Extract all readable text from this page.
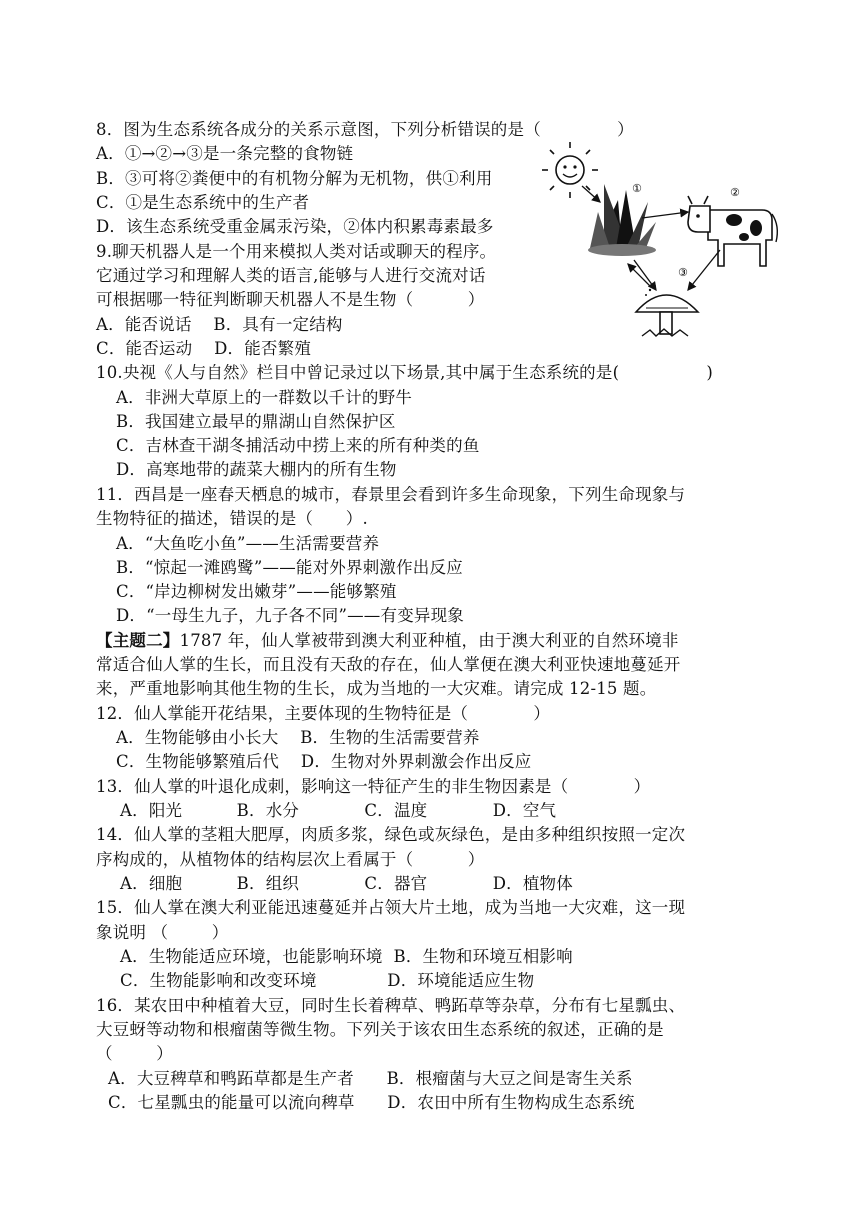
8．图为生态系统各成分的关系示意图，下列分析错误的是（              ）
A．①→②→③是一条完整的食物链
B．③可将②粪便中的有机物分解为无机物，供①利用
C．①是生态系统中的生产者
D．该生态系统受重金属汞污染，②体内积累毒素最多
9.聊天机器人是一个用来模拟人类对话或聊天的程序。
它通过学习和理解人类的语言,能够与人进行交流对话
可根据哪一特征判断聊天机器人不是生物（          ）
A．能否说话    B．具有一定结构
C．能否运动    D．能否繁殖
10.央视《人与自然》栏目中曾记录过以下场景,其中属于生态系统的是(                )
A．非洲大草原上的一群数以千计的野牛
B．我国建立最早的鼎湖山自然保护区
C．吉林查干湖冬捕活动中捞上来的所有种类的鱼
D．高寒地带的蔬菜大棚内的所有生物
11．西昌是一座春天栖息的城市，春景里会看到许多生命现象，下列生命现象与
生物特征的描述，错误的是（      ）.
A．“大鱼吃小鱼”——生活需要营养
B．“惊起一滩鸥鹭”——能对外界刺激作出反应
C．“岸边柳树发出嫩芽”——能够繁殖
D．“一母生九子，九子各不同”——有变异现象
【主题二】1787 年，仙人掌被带到澳大利亚种植，由于澳大利亚的自然环境非
常适合仙人掌的生长，而且没有天敌的存在，仙人掌便在澳大利亚快速地蔓延开
来，严重地影响其他生物的生长，成为当地的一大灾难。请完成 12-15 题。
12．仙人掌能开花结果，主要体现的生物特征是（            ）
A．生物能够由小长大    B．生物的生活需要营养
C．生物能够繁殖后代    D．生物对外界刺激会作出反应
13．仙人掌的叶退化成刺，影响这一特征产生的非生物因素是（            ）
A．阳光          B．水分            C．温度            D．空气
14．仙人掌的茎粗大肥厚，肉质多浆，绿色或灰绿色，是由多种组织按照一定次
序构成的，从植物体的结构层次上看属于（          ）
A．细胞          B．组织            C．器官            D．植物体
15．仙人掌在澳大利亚能迅速蔓延并占领大片土地，成为当地一大灾难，这一现
象说明 （        ）
A．生物能适应环境，也能影响环境  B．生物和环境互相影响
C．生物能影响和改变环境             D．环境能适应生物
16．某农田中种植着大豆，同时生长着稗草、鸭跖草等杂草，分布有七星瓢虫、
大豆蚜等动物和根瘤菌等微生物。下列关于该农田生态系统的叙述，正确的是
（        ）
A．大豆稗草和鸭跖草都是生产者      B．根瘤菌与大豆之间是寄生关系
C．七星瓢虫的能量可以流向稗草      D．农田中所有生物构成生态系统
①	②
③
